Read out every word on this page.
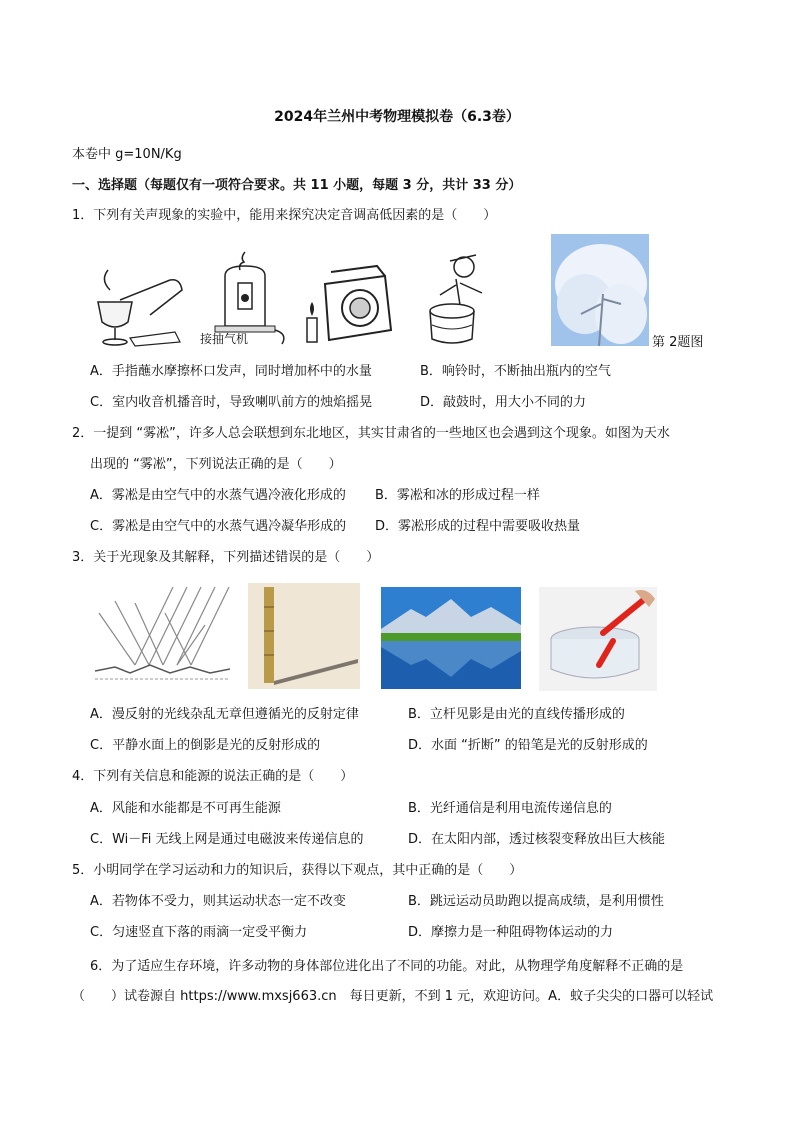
2024年兰州中考物理模拟卷（6.3卷）
本卷中 g=10N/Kg
一、选择题（每题仅有一项符合要求。共 11 小题，每题 3 分，共计 33 分）
1．下列有关声现象的实验中，能用来探究决定音调高低因素的是（　　）
接抽气机	第 2题图
A．手指蘸水摩擦杯口发声，同时增加杯中的水量	B．响铃时，不断抽出瓶内的空气
C．室内收音机播音时，导致喇叭前方的烛焰摇晃	D．敲鼓时，用大小不同的力
2．一提到 “雾凇”，许多人总会联想到东北地区，其实甘肃省的一些地区也会遇到这个现象。如图为天水
出现的 “雾凇”，下列说法正确的是（　　）
A．雾凇是由空气中的水蒸气遇冷液化形成的 B．雾凇和冰的形成过程一样
C．雾凇是由空气中的水蒸气遇冷凝华形成的 D．雾凇形成的过程中需要吸收热量
3．关于光现象及其解释，下列描述错误的是（　　）
A．漫反射的光线杂乱无章但遵循光的反射定律	B．立杆见影是由光的直线传播形成的
C．平静水面上的倒影是光的反射形成的	D．水面 “折断” 的铅笔是光的反射形成的
4．下列有关信息和能源的说法正确的是（　　）
A．风能和水能都是不可再生能源	B．光纤通信是利用电流传递信息的
C．Wi－Fi 无线上网是通过电磁波来传递信息的	D．在太阳内部，透过核裂变释放出巨大核能
5．小明同学在学习运动和力的知识后，获得以下观点，其中正确的是（　　）
A．若物体不受力，则其运动状态一定不改变	B．跳远运动员助跑以提高成绩，是利用惯性
C．匀速竖直下落的雨滴一定受平衡力	D．摩擦力是一种阻碍物体运动的力
6．为了适应生存环境，许多动物的身体部位进化出了不同的功能。对此，从物理学角度解释不正确的是
（　　）试卷源自 https://www.mxsj663.cn　每日更新，不到 1 元，欢迎访问。A．蚊子尖尖的口器可以轻试
